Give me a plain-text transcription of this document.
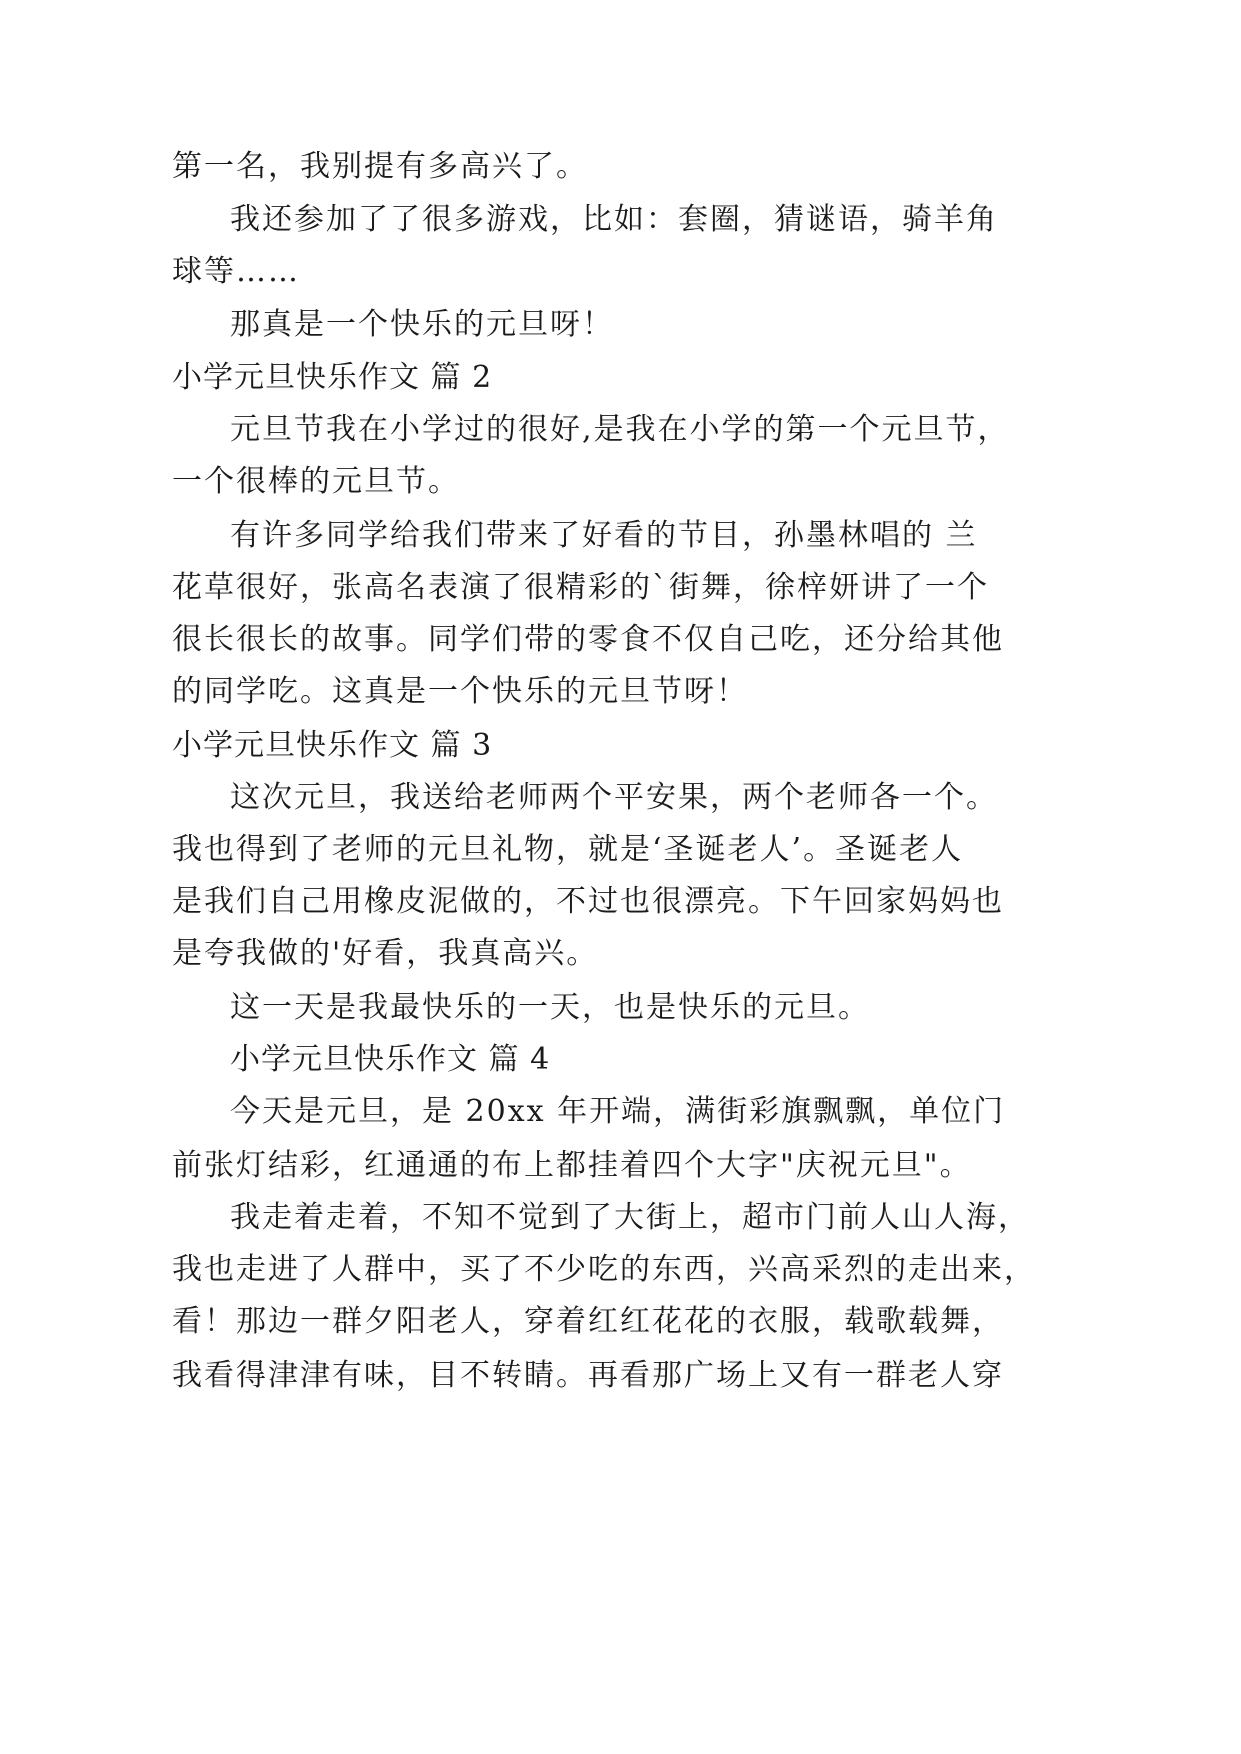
第一名，我别提有多高兴了。
我还参加了了很多游戏，比如：套圈，猜谜语，骑羊角
球等……
那真是一个快乐的元旦呀！
小学元旦快乐作文 篇 2
元旦节我在小学过的很好,是我在小学的第一个元旦节，
一个很棒的元旦节。
有许多同学给我们带来了好看的节目，孙墨林唱的 兰
花草很好，张高名表演了很精彩的`街舞，徐梓妍讲了一个
很长很长的故事。同学们带的零食不仅自己吃，还分给其他
的同学吃。这真是一个快乐的元旦节呀！
小学元旦快乐作文 篇 3
这次元旦，我送给老师两个平安果，两个老师各一个。
我也得到了老师的元旦礼物，就是‘圣诞老人’。圣诞老人
是我们自己用橡皮泥做的，不过也很漂亮。下午回家妈妈也
是夸我做的'好看，我真高兴。
这一天是我最快乐的一天，也是快乐的元旦。
小学元旦快乐作文 篇 4
今天是元旦，是 20xx 年开端，满街彩旗飘飘，单位门
前张灯结彩，红通通的布上都挂着四个大字"庆祝元旦"。
我走着走着，不知不觉到了大街上，超市门前人山人海，
我也走进了人群中，买了不少吃的东西，兴高采烈的走出来，
看！那边一群夕阳老人，穿着红红花花的衣服，载歌载舞，
我看得津津有味，目不转睛。再看那广场上又有一群老人穿
